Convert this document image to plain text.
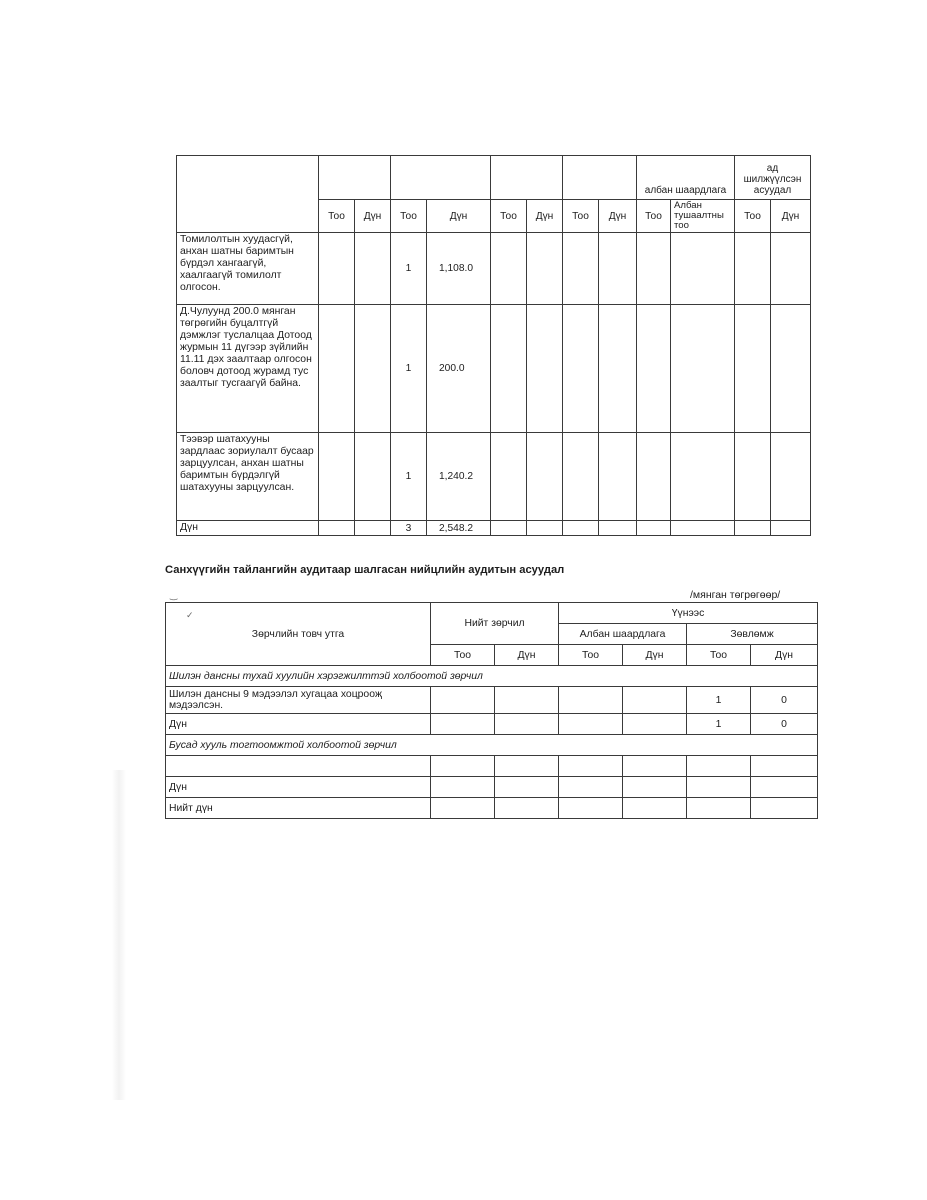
									албан шаардлага		ад шилжүүлсэн асуудал	
	Тоо	Дүн	Тоо	Дүн	Тоо	Дүн	Тоо	Дүн	Тоо	Албан тушаалтны тоо	Тоо	Дүн
Томилолтын хуудасгүй, анхан шатны баримтын бүрдэл хангаагүй, хаалгаагүй томилолт олгосон.			1	1,108.0								
Д.Чулуунд 200.0 мянган төгрөгийн буцалтгүй дэмжлэг туслалцаа Дотоод журмын 11 дүгээр зүйлийн 11.11 дэх заалтаар олгосон боловч дотоод журамд тус заалтыг тусгаагүй байна.			1	200.0								
Тээвэр шатахууны зардлаас зориулалт бусаар зарцуулсан, анхан шатны баримтын бүрдэлгүй шатахууны зарцуулсан.			1	1,240.2								
Дүн			3	2,548.2								
Санхүүгийн тайлангийн аудитаар шалгасан нийцлийн аудитын асуудал
/мянган төгрөгөөр/
‿
✓
Зөрчлийн товч утга	Нийт зөрчил		Үүнээс			
			Албан шаардлага		Зөвлөмж	
	Тоо	Дүн	Тоо	Дүн	Тоо	Дүн
Шилэн дансны тухай хуулийн хэрэгжилттэй холбоотой зөрчил						
Шилэн дансны 9 мэдээлэл хугацаа хоцрооҗ мэдээлсэн.					1	0
Дүн					1	0
Бусад хууль тогтоомжтой холбоотой зөрчил						

Дүн						
Нийт дүн						
